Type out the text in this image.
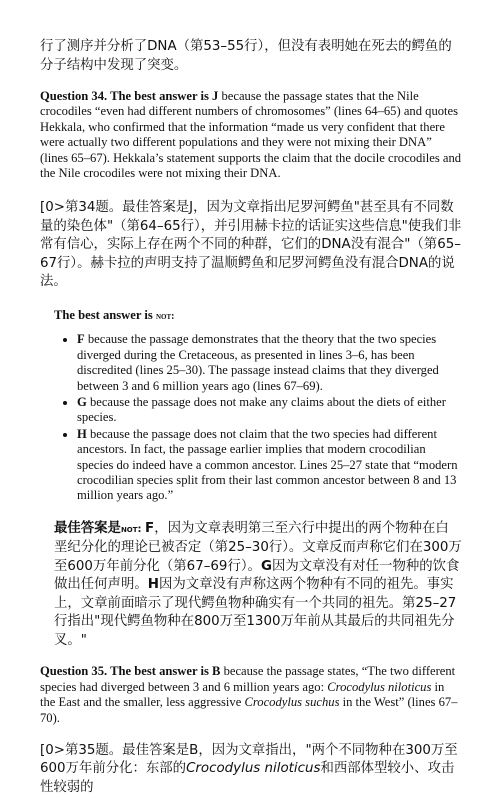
行了测序并分析了DNA（第53–55行），但没有表明她在死去的鳄鱼的分子结构中发现了突变。

Question 34. The best answer is J because the passage states that the Nile crocodiles “even had different numbers of chromosomes” (lines 64–65) and quotes Hekkala, who confirmed that the information “made us very confident that there were actually two different populations and they were not mixing their DNA” (lines 65–67). Hekkala’s statement supports the claim that the docile crocodiles and the Nile crocodiles were not mixing their DNA.

[0>第34题。最佳答案是J，因为文章指出尼罗河鳄鱼"甚至具有不同数量的染色体"（第64–65行），并引用赫卡拉的话证实这些信息"使我们非常有信心，实际上存在两个不同的种群，它们的DNA没有混合"（第65–67行）。赫卡拉的声明支持了温顺鳄鱼和尼罗河鳄鱼没有混合DNA的说法。

The best answer is not:

• F because the passage demonstrates that the theory that the two species diverged during the Cretaceous, as presented in lines 3–6, has been discredited (lines 25–30). The passage instead claims that they diverged between 3 and 6 million years ago (lines 67–69).
• G because the passage does not make any claims about the diets of either species.
• H because the passage does not claim that the two species had different ancestors. In fact, the passage earlier implies that modern crocodilian species do indeed have a common ancestor. Lines 25–27 state that “modern crocodilian species split from their last common ancestor between 8 and 13 million years ago.”

最佳答案是not: F，因为文章表明第三至六行中提出的两个物种在白垩纪分化的理论已被否定（第25–30行）。文章反而声称它们在300万至600万年前分化（第67–69行）。G因为文章没有对任一物种的饮食做出任何声明。H因为文章没有声称这两个物种有不同的祖先。事实上，文章前面暗示了现代鳄鱼物种确实有一个共同的祖先。第25–27行指出"现代鳄鱼物种在800万至1300万年前从其最后的共同祖先分叉。"

Question 35. The best answer is B because the passage states, “The two different species had diverged between 3 and 6 million years ago: Crocodylus niloticus in the East and the smaller, less aggressive Crocodylus suchus in the West” (lines 67–70).

[0>第35题。最佳答案是B，因为文章指出，"两个不同物种在300万至600万年前分化：东部的Crocodylus niloticus和西部体型较小、攻击性较弱的
